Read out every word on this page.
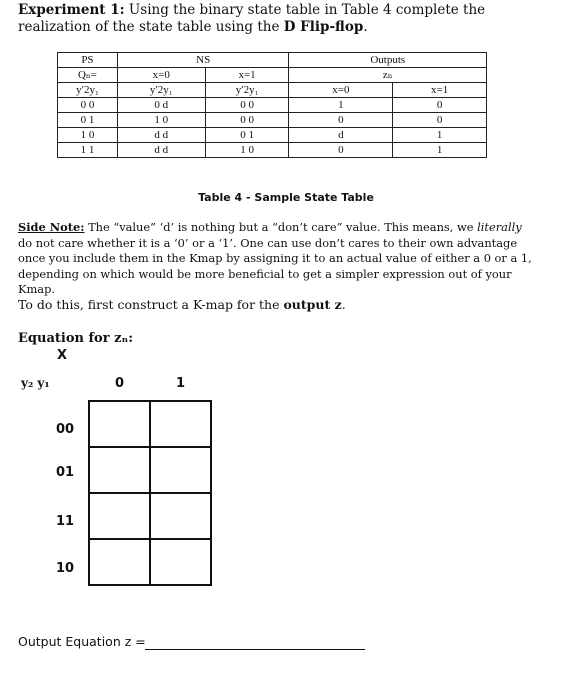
Experiment 1: Using the binary state table in Table 4 complete the realization of the state table using the D Flip-flop.
PS	NS		Outputs	
Qₙ=	x=0	x=1	zₙ	
y′2y₁	y′2y₁	y′2y₁	x=0	x=1
0 0	0 d	0 0	1	0
0 1	1 0	0 0	0	0
1 0	d d	0 1	d	1
1 1	d d	1 0	0	1
Table 4 - Sample State Table
Side Note: The “value” ‘d’ is nothing but a “don’t care” value. This means, we literally do not care whether it is a ‘0’ or a ‘1’. One can use don’t cares to their own advantage once you include them in the Kmap by assigning it to an actual value of either a 0 or a 1, depending on which would be more beneficial to get a simpler expression out of your Kmap.
To do this, first construct a K-map for the output z.
Equation for zₙ:
X
y₂ y₁	0	1
00
01
11
10

Output Equation z =
